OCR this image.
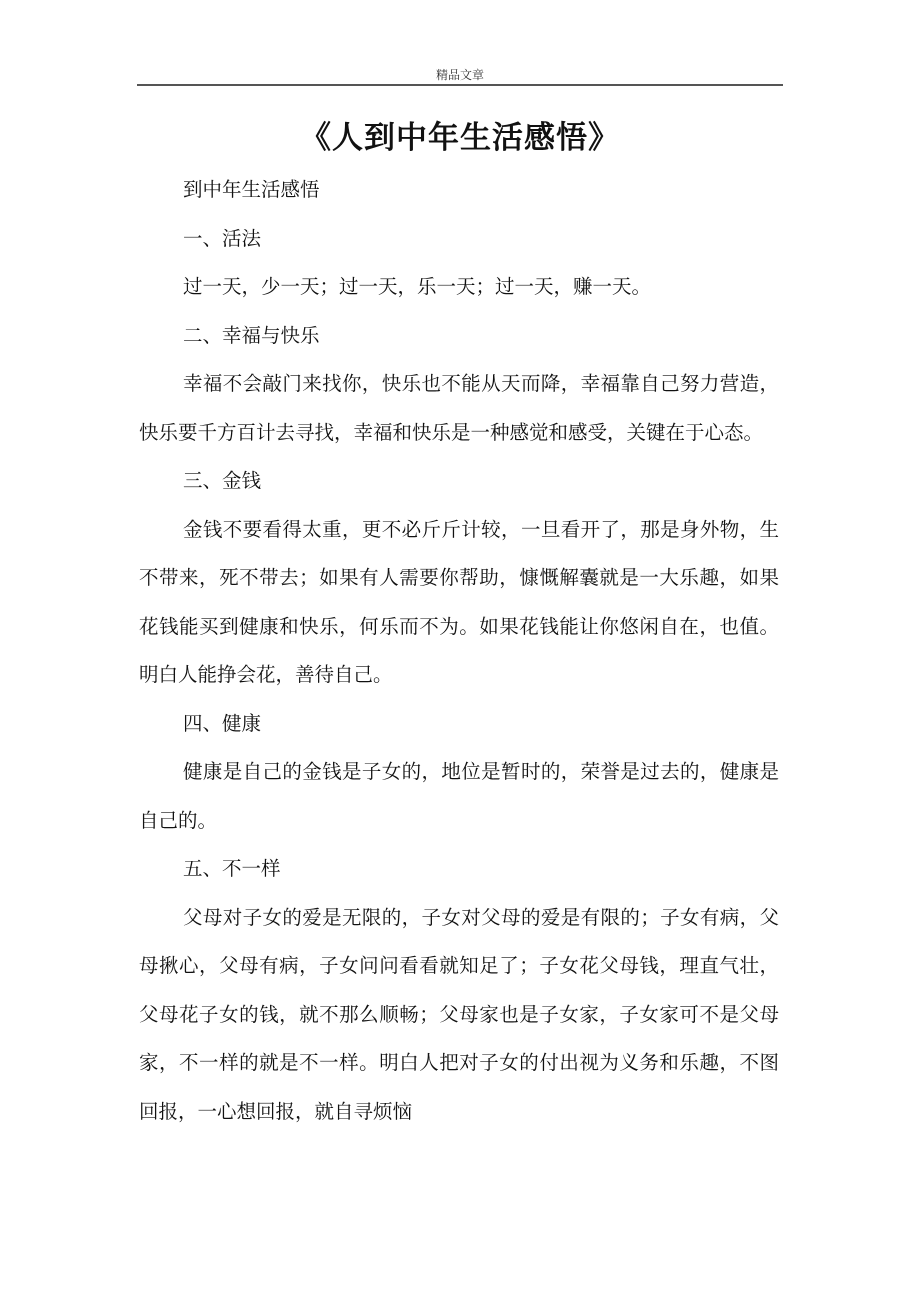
精品文章
《人到中年生活感悟》

到中年生活感悟

一、活法

过一天，少一天；过一天，乐一天；过一天，赚一天。

二、幸福与快乐

幸福不会敲门来找你，快乐也不能从天而降，幸福靠自己努力营造，快乐要千方百计去寻找，幸福和快乐是一种感觉和感受，关键在于心态。

三、金钱

金钱不要看得太重，更不必斤斤计较，一旦看开了，那是身外物，生不带来，死不带去；如果有人需要你帮助，慷慨解囊就是一大乐趣，如果花钱能买到健康和快乐，何乐而不为。如果花钱能让你悠闲自在，也值。明白人能挣会花，善待自己。

四、健康

健康是自己的金钱是子女的，地位是暂时的，荣誉是过去的，健康是自己的。

五、不一样

父母对子女的爱是无限的，子女对父母的爱是有限的；子女有病，父母揪心，父母有病，子女问问看看就知足了；子女花父母钱，理直气壮，父母花子女的钱，就不那么顺畅；父母家也是子女家，子女家可不是父母家，不一样的就是不一样。明白人把对子女的付出视为义务和乐趣，不图回报，一心想回报，就自寻烦恼
